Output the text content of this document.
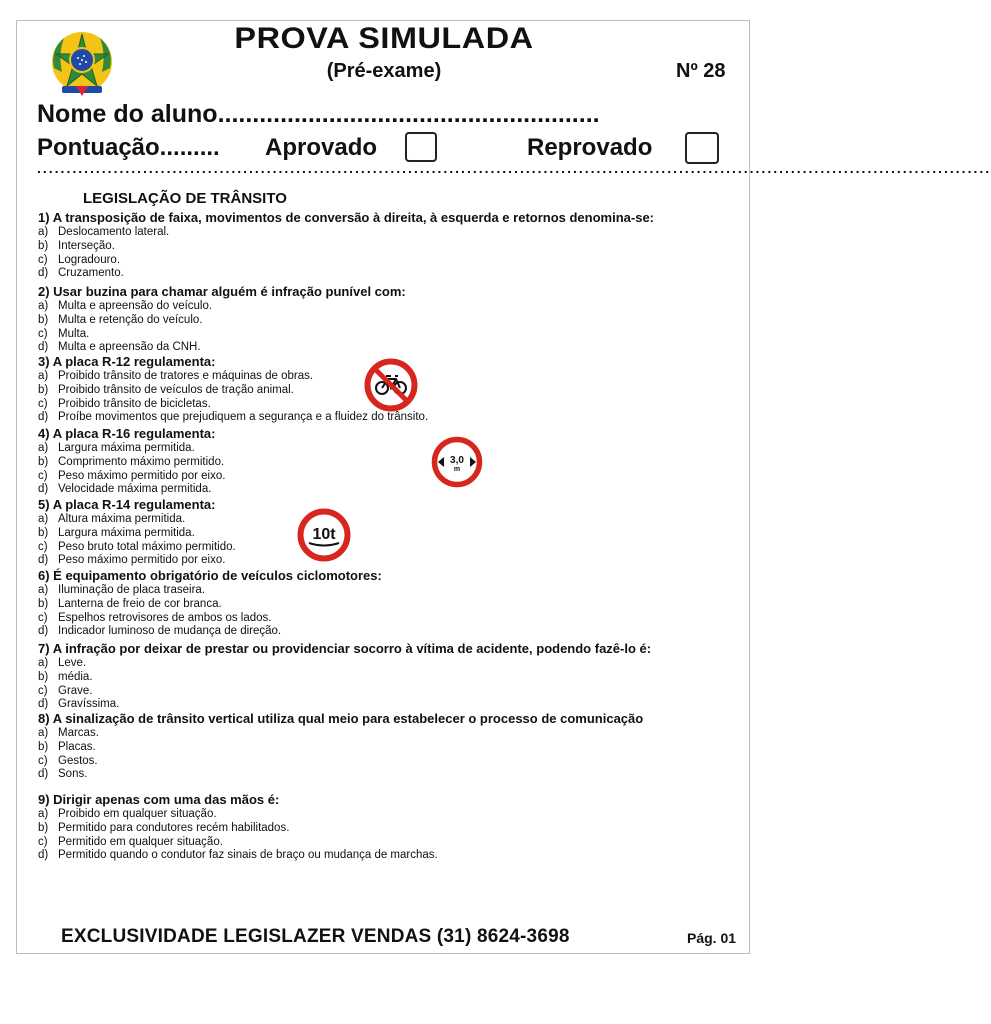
PROVA SIMULADA
(Pré-exame)	Nº 28
Nome do aluno.......................................................
Pontuação......... Aprovado	Reprovado
..................................................................................................................................................................
LEGISLAÇÃO DE TRÂNSITO
1) A transposição de faixa, movimentos de conversão à direita, à esquerda e retornos denomina-se:
a) Deslocamento lateral.
b) Interseção.
c) Logradouro.
d) Cruzamento.
2) Usar buzina para chamar alguém é infração punível com:
a) Multa e apreensão do veículo.
b) Multa e retenção do veículo.
c) Multa.
d) Multa e apreensão da CNH.
3) A placa R-12 regulamenta:
a) Proibido trânsito de tratores e máquinas de obras.
b) Proibido trânsito de veículos de tração animal.
c) Proibido trânsito de bicicletas.
d) Proíbe movimentos que prejudiquem a segurança e a fluidez do trânsito.
4) A placa R-16 regulamenta:
a) Largura máxima permitida.
b) Comprimento máximo permitido.
c) Peso máximo permitido por eixo.
d) Velocidade máxima permitida.
5) A placa R-14 regulamenta:
a) Altura máxima permitida.
b) Largura máxima permitida.
c) Peso bruto total máximo permitido.
d) Peso máximo permitido por eixo.
6) É equipamento obrigatório de veículos ciclomotores:
a) Iluminação de placa traseira.
b) Lanterna de freio de cor branca.
c) Espelhos retrovisores de ambos os lados.
d) Indicador luminoso de mudança de direção.
7) A infração por deixar de prestar ou providenciar socorro à vítima de acidente, podendo fazê-lo é:
a) Leve.
b) média.
c) Grave.
d) Gravíssima.
8) A sinalização de trânsito vertical utiliza qual meio para estabelecer o processo de comunicação
a) Marcas.
b) Placas.
c) Gestos.
d) Sons.
9) Dirigir apenas com uma das mãos é:
a) Proibido em qualquer situação.
b) Permitido para condutores recém habilitados.
c) Permitido em qualquer situação.
d) Permitido quando o condutor faz sinais de braço ou mudança de marchas.
3,0
m
10t
EXCLUSIVIDADE LEGISLAZER VENDAS (31) 8624-3698	Pág. 01
